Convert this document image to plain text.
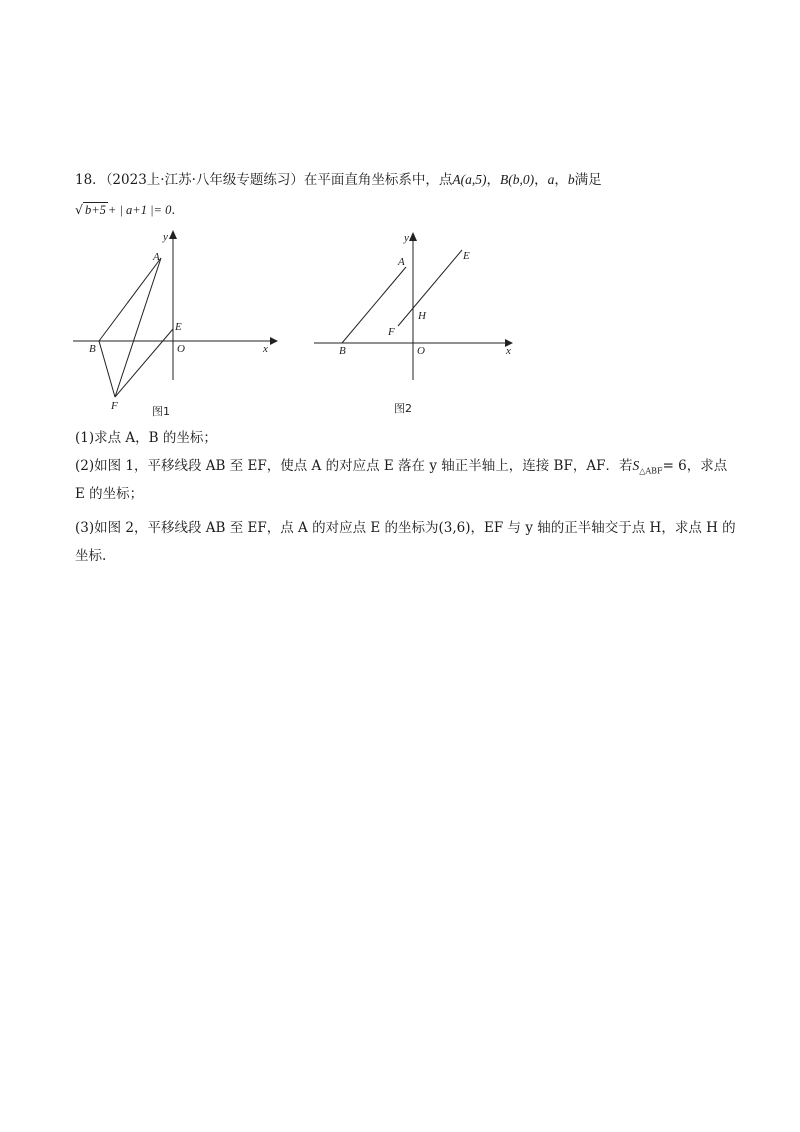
18．（2023上·江苏·八年级专题练习）在平面直角坐标系中，点A(a,5)，B(b,0)，a，b满足
√ b+5 + | a+1 |= 0.
y
x
A
B
E
O
F	图1
y
x
A
B
E
H
F
O
图2
(1)求点 A，B 的坐标；
(2)如图 1，平移线段 AB 至 EF，使点 A 的对应点 E 落在 y 轴正半轴上，连接 BF，AF．若$S_{\triangle ABF}= 6$，求点
E 的坐标；
(3)如图 2，平移线段 AB 至 EF，点 A 的对应点 E 的坐标为(3,6)，EF 与 y 轴的正半轴交于点 H，求点 H 的
坐标.
